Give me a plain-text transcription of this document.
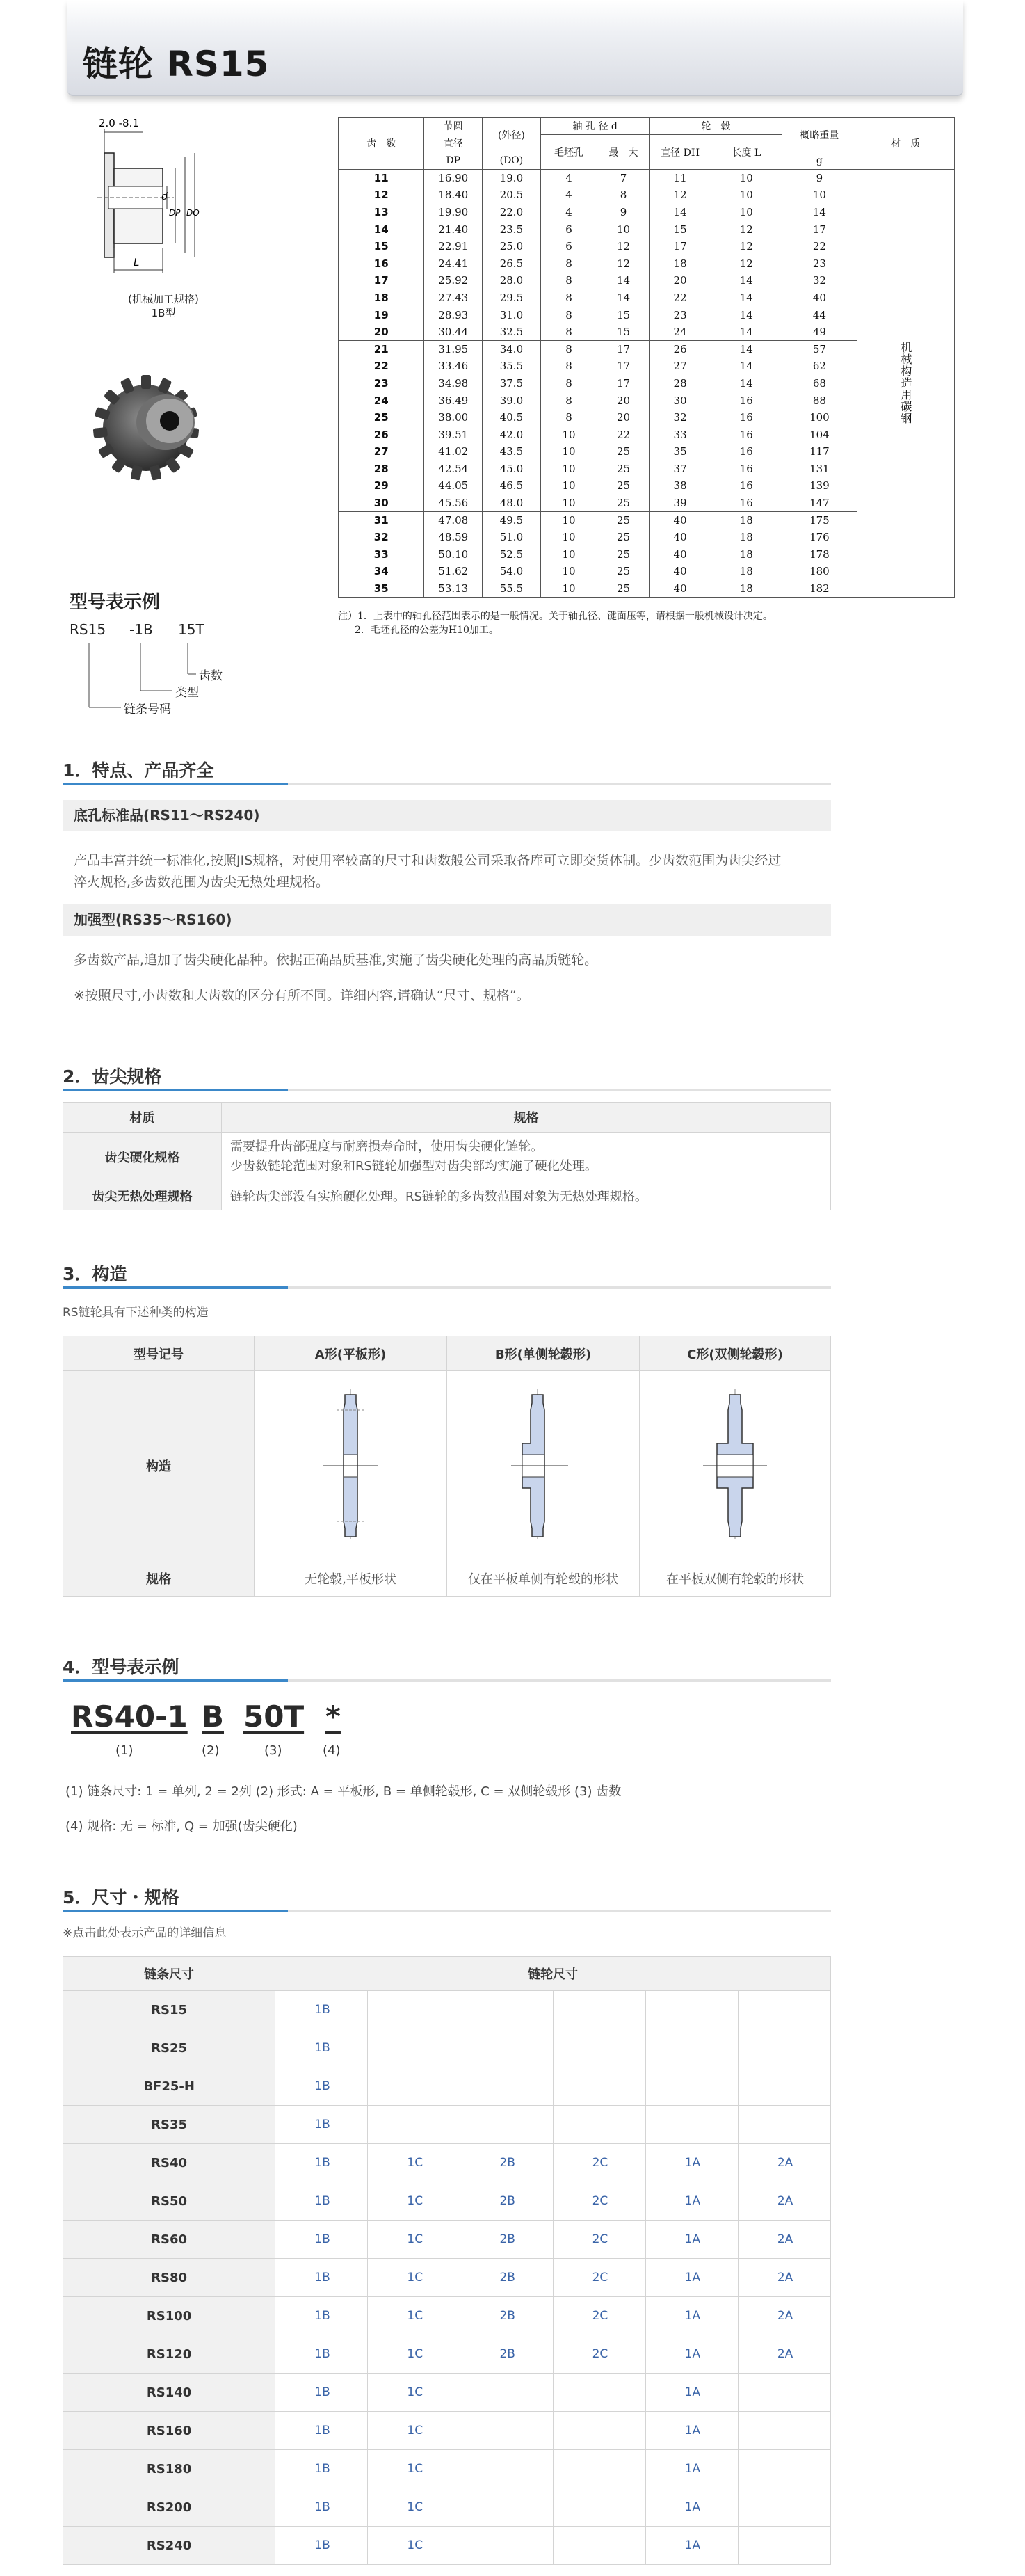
链轮 RS15
2.0 -8.1
d
DP DO
L
(机械加工规格)
1B型
型号表示例
RS15 -1B 15T
齿数
类型
链条号码
齿　数	节圆	(外径)	轴 孔 径 d		轮　毂		概略重量	材　质
	直径		毛坯孔	最　大	直径 DH	长度 L		
	DP	(DO)					g	
11	16.90	19.0	4	7	11	10	9	机械构造用碳钢
12	18.40	20.5	4	8	12	10	10	
13	19.90	22.0	4	9	14	10	14	
14	21.40	23.5	6	10	15	12	17	
15	22.91	25.0	6	12	17	12	22	
16	24.41	26.5	8	12	18	12	23	
17	25.92	28.0	8	14	20	14	32	
18	27.43	29.5	8	14	22	14	40	
19	28.93	31.0	8	15	23	14	44	
20	30.44	32.5	8	15	24	14	49	
21	31.95	34.0	8	17	26	14	57	
22	33.46	35.5	8	17	27	14	62	
23	34.98	37.5	8	17	28	14	68	
24	36.49	39.0	8	20	30	16	88	
25	38.00	40.5	8	20	32	16	100	
26	39.51	42.0	10	22	33	16	104	
27	41.02	43.5	10	25	35	16	117	
28	42.54	45.0	10	25	37	16	131	
29	44.05	46.5	10	25	38	16	139	
30	45.56	48.0	10	25	39	16	147	
31	47.08	49.5	10	25	40	18	175	
32	48.59	51.0	10	25	40	18	176	
33	50.10	52.5	10	25	40	18	178	
34	51.62	54.0	10	25	40	18	180	
35	53.13	55.5	10	25	40	18	182	
注）1．上表中的轴孔径范围表示的是一般情况。关于轴孔径、键面压等，请根据一般机械设计决定。
2．毛坯孔径的公差为H10加工。
1．特点、产品齐全
底孔标准品(RS11～RS240)
产品丰富并统一标准化,按照JIS规格，对使用率较高的尺寸和齿数般公司采取备库可立即交货体制。少齿数范围为齿尖经过
淬火规格,多齿数范围为齿尖无热处理规格。
加强型(RS35～RS160)
多齿数产品,追加了齿尖硬化品种。依据正确品质基准,实施了齿尖硬化处理的高品质链轮。
※按照尺寸,小齿数和大齿数的区分有所不同。详细内容,请确认“尺寸、规格”。
2．齿尖规格
材质	规格
齿尖硬化规格	需要提升齿部强度与耐磨损寿命时，使用齿尖硬化链轮。
少齿数链轮范围对象和RS链轮加强型对齿尖部均实施了硬化处理。

齿尖无热处理规格	链轮齿尖部没有实施硬化处理。RS链轮的多齿数范围对象为无热处理规格。
3．构造
RS链轮具有下述种类的构造
型号记号	A形(平板形)	B形(单侧轮毂形)	C形(双侧轮毂形)
构造	

规格	无轮毂,平板形状	仅在平板单侧有轮毂的形状	在平板双侧有轮毂的形状
4．型号表示例
RS40-1 B 50T *
(1)	(2)	(3)	(4)
(1) 链条尺寸: 1 = 单列, 2 = 2列 (2) 形式: A = 平板形, B = 单侧轮毂形, C = 双侧轮毂形 (3) 齿数
(4) 规格: 无 = 标准, Q = 加强(齿尖硬化)
5．尺寸・规格
※点击此处表示产品的详细信息
链条尺寸	链轮尺寸					
RS15	1B					
RS25	1B					
BF25-H	1B					
RS35	1B					
RS40	1B	1C	2B	2C	1A	2A
RS50	1B	1C	2B	2C	1A	2A
RS60	1B	1C	2B	2C	1A	2A
RS80	1B	1C	2B	2C	1A	2A
RS100	1B	1C	2B	2C	1A	2A
RS120	1B	1C	2B	2C	1A	2A
RS140	1B	1C			1A	
RS160	1B	1C			1A	
RS180	1B	1C			1A	
RS200	1B	1C			1A	
RS240	1B	1C			1A	
